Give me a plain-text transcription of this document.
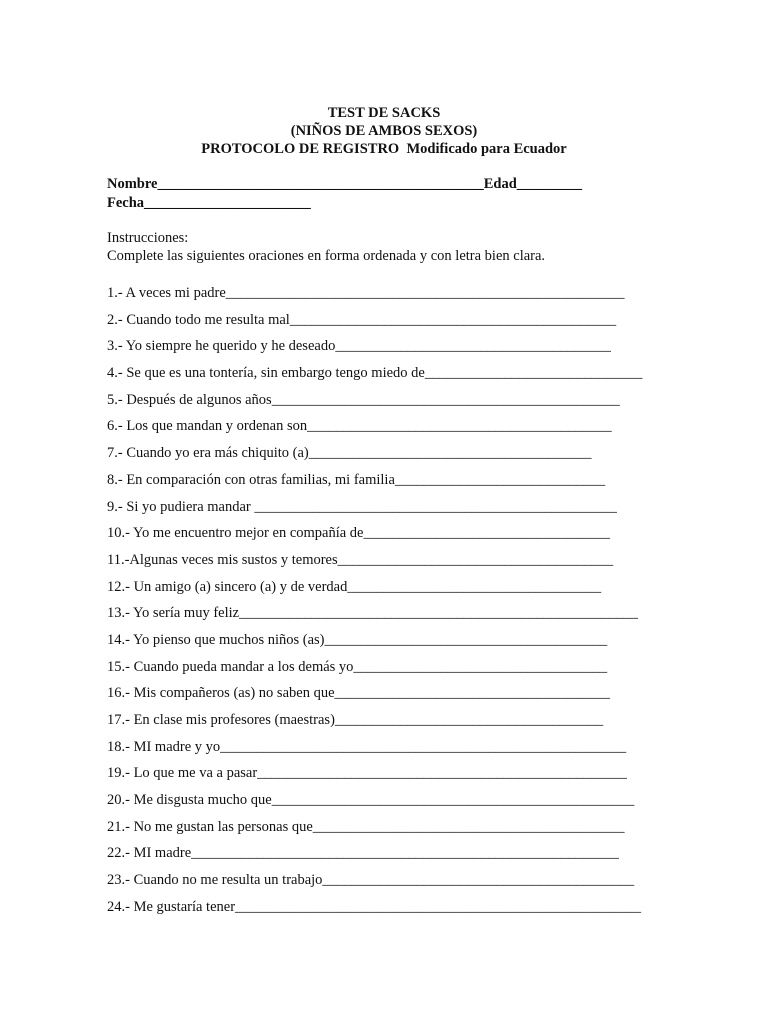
TEST DE SACKS
(NIÑOS DE AMBOS SEXOS)
PROTOCOLO DE REGISTRO  Modificado para Ecuador
Nombre_____________________________________________Edad_________
Fecha_______________________
Instrucciones:
Complete las siguientes oraciones en forma ordenada y con letra bien clara.
1.- A veces mi padre_______________________________________________________
2.- Cuando todo me resulta mal_____________________________________________
3.- Yo siempre he querido y he deseado______________________________________
4.- Se que es una tontería, sin embargo tengo miedo de______________________________
5.- Después de algunos años________________________________________________
6.- Los que mandan y ordenan son__________________________________________
7.- Cuando yo era más chiquito (a)_______________________________________
8.- En comparación con otras familias, mi familia_____________________________
9.- Si yo pudiera mandar __________________________________________________
10.- Yo me encuentro mejor en compañía de__________________________________
11.-Algunas veces mis sustos y temores______________________________________
12.- Un amigo (a) sincero (a) y de verdad___________________________________
13.- Yo sería muy feliz_______________________________________________________
14.- Yo pienso que muchos niños (as)_______________________________________
15.- Cuando pueda mandar a los demás yo___________________________________
16.- Mis compañeros (as) no saben que______________________________________
17.- En clase mis profesores (maestras)_____________________________________
18.- MI madre y yo________________________________________________________
19.- Lo que me va a pasar___________________________________________________
20.- Me disgusta mucho que__________________________________________________
21.- No me gustan las personas que___________________________________________
22.- MI madre___________________________________________________________
23.- Cuando no me resulta un trabajo___________________________________________
24.- Me gustaría tener________________________________________________________
